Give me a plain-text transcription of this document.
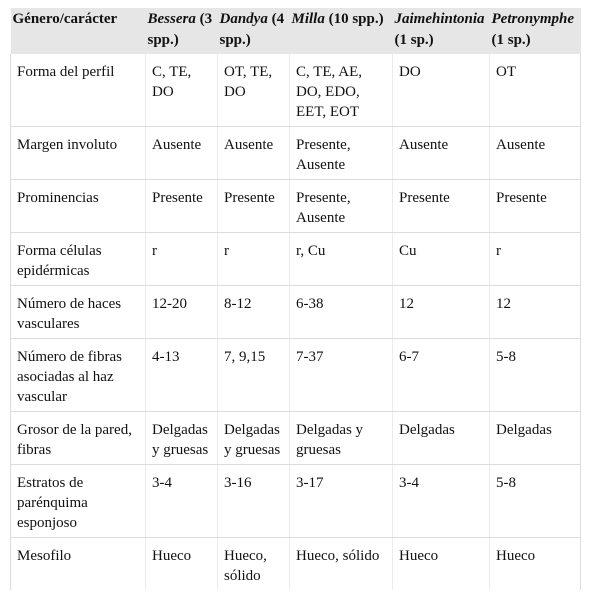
Género/carácter	Bessera (3 spp.)	Dandya (4 spp.)	Milla (10 spp.)	Jaimehintonia (1 sp.)	Petronymphe (1 sp.)
Forma del perfil	C, TE, DO	OT, TE, DO	C, TE, AE, DO, EDO, EET, EOT	DO	OT
Margen involuto	Ausente	Ausente	Presente, Ausente	Ausente	Ausente
Prominencias	Presente	Presente	Presente, Ausente	Presente	Presente
Forma células epidérmicas	r	r	r, Cu	Cu	r
Número de haces vasculares	12-20	8-12	6-38	12	12
Número de fibras asociadas al haz vascular	4-13	7, 9,15	7-37	6-7	5-8
Grosor de la pared, fibras	Delgadas y gruesas	Delgadas y gruesas	Delgadas y gruesas	Delgadas	Delgadas
Estratos de parénquima esponjoso	3-4	3-16	3-17	3-4	5-8
Mesofilo	Hueco	Hueco, sólido	Hueco, sólido	Hueco	Hueco
